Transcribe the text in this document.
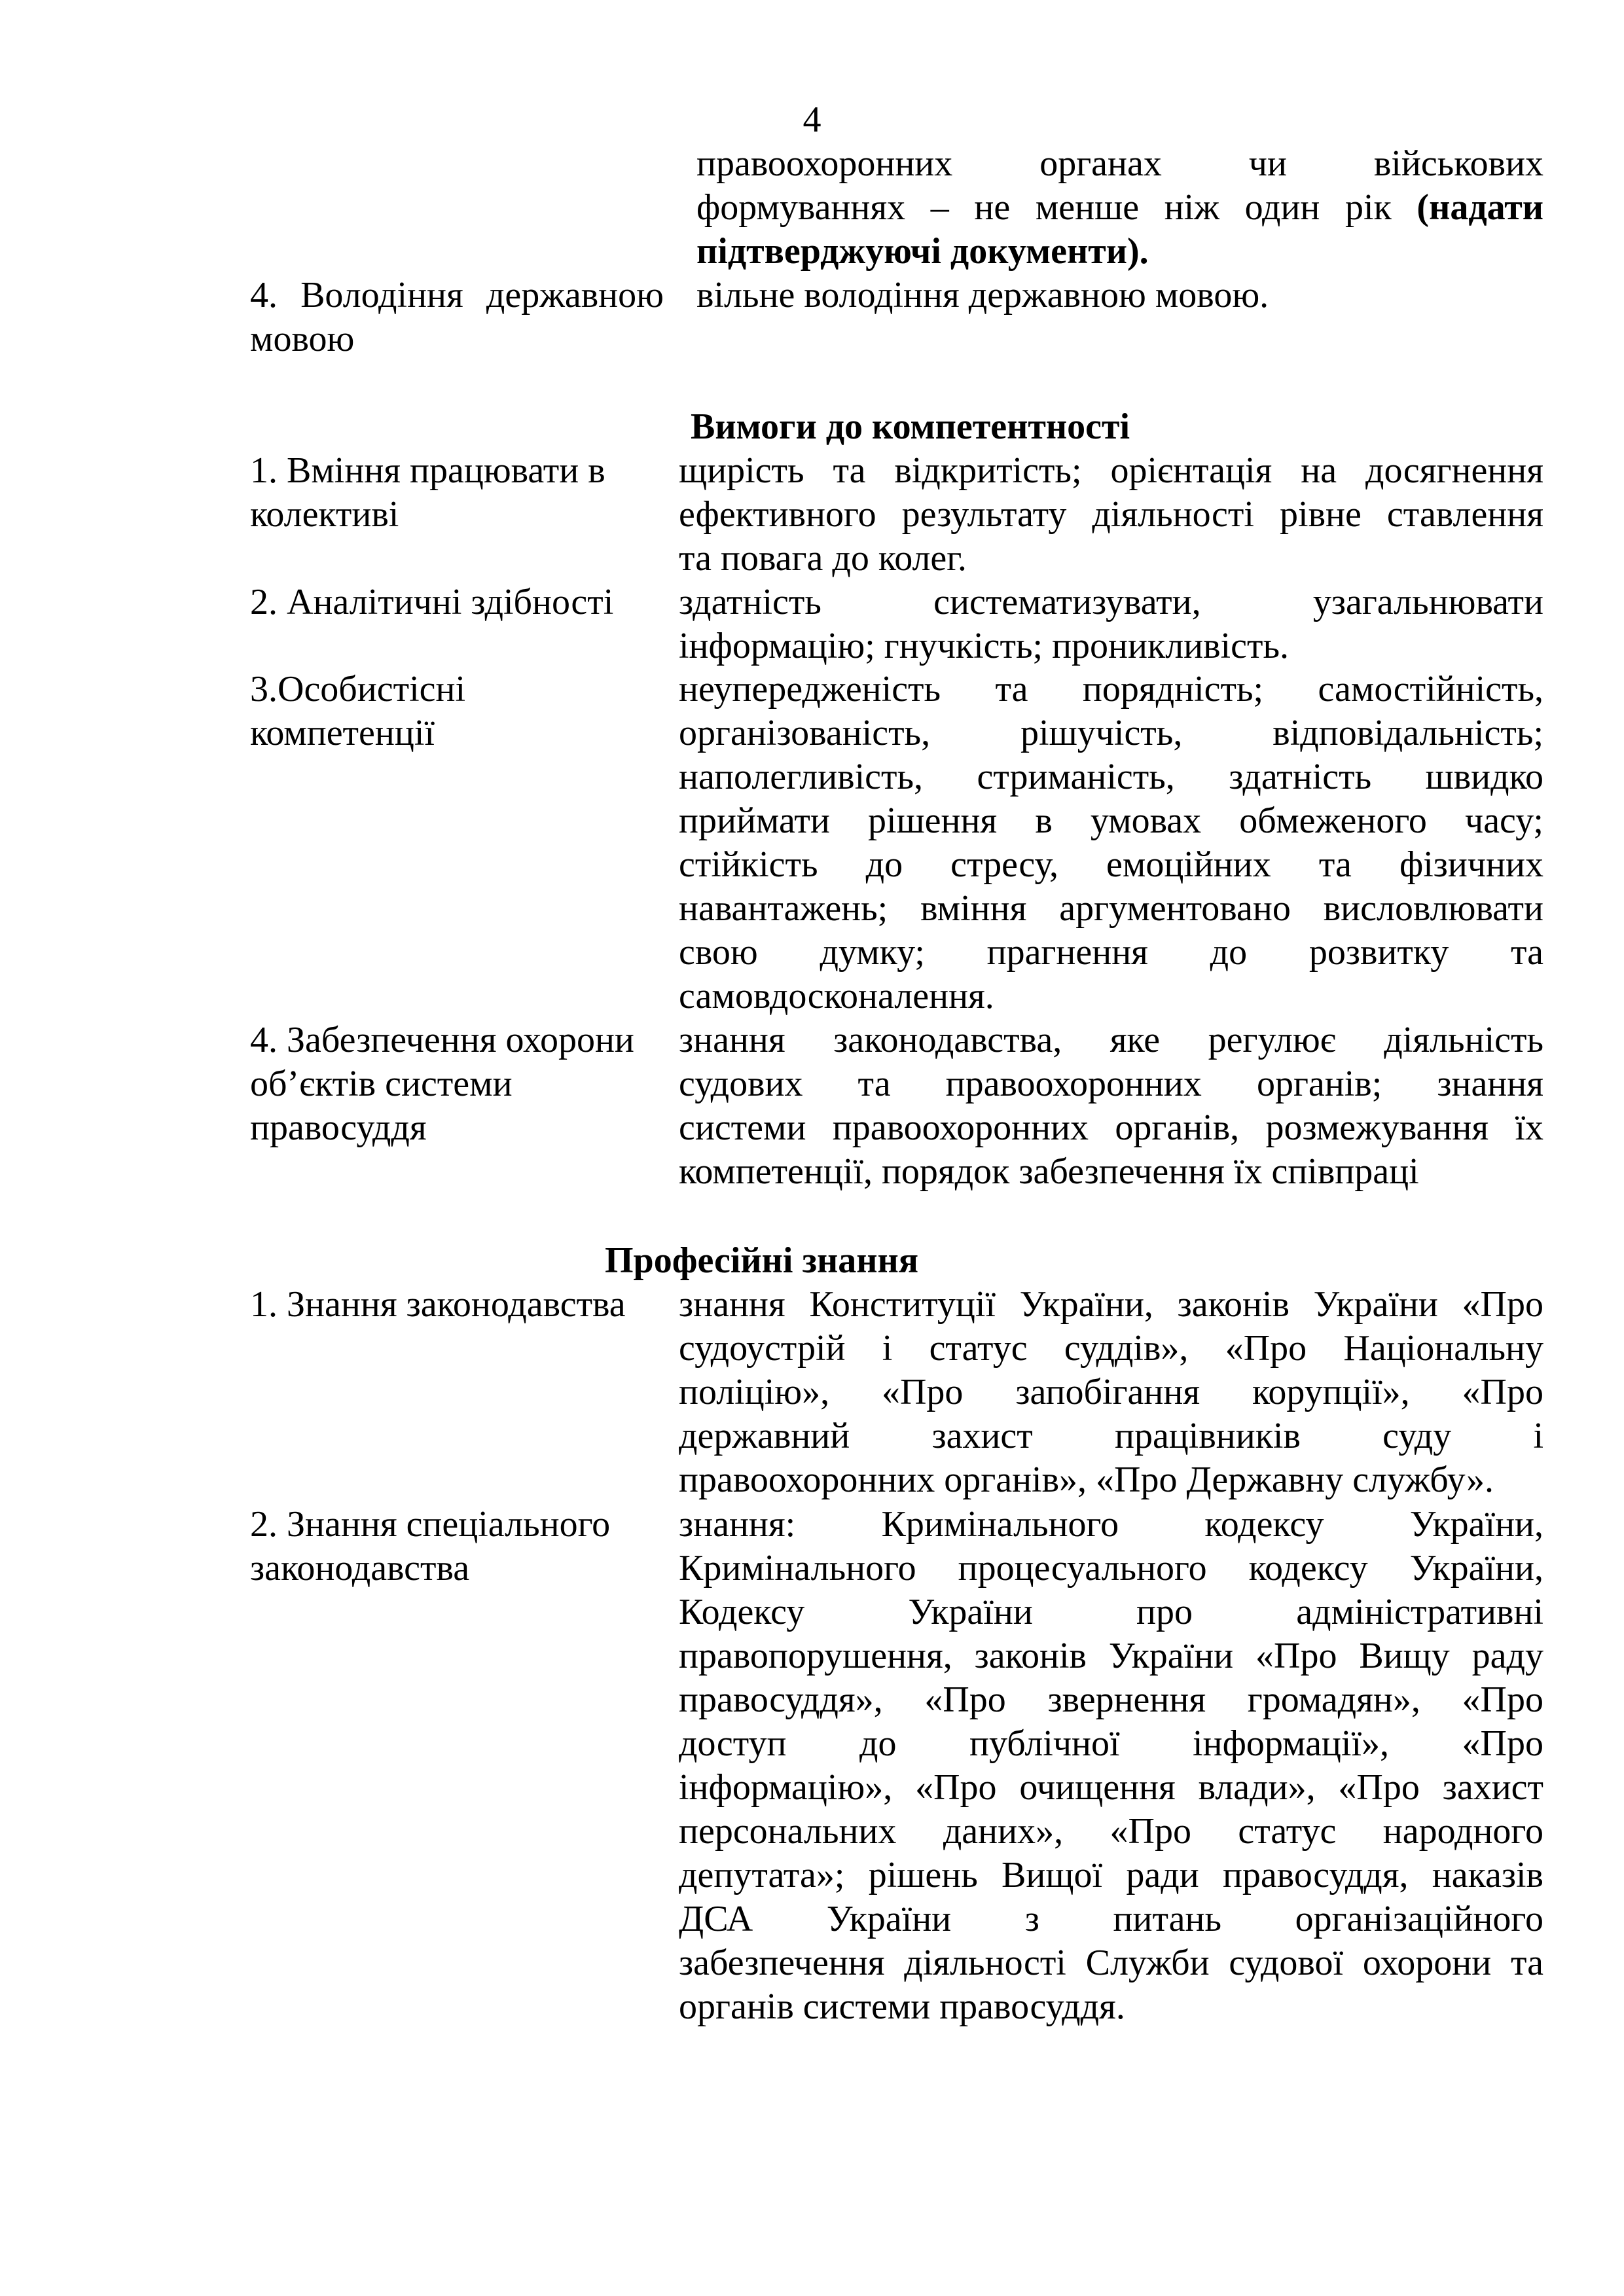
4
правоохоронних органах чи військових
формуваннях – не менше ніж один рік (надати
підтверджуючі документи).
4. Володіння державною
мовою
вільне володіння державною мовою.
Вимоги до компетентності
1. Вміння працювати в
колективі
щирість та відкритість; орієнтація на досягнення
ефективного результату діяльності рівне ставлення
та повага до колег.
2. Аналітичні здібності	здатність систематизувати, узагальнювати
інформацію; гнучкість; проникливість.
3.Особистісні
компетенції
неупередженість та порядність; самостійність,
організованість, рішучість, відповідальність;
наполегливість, стриманість, здатність швидко
приймати рішення в умовах обмеженого часу;
стійкість до стресу, емоційних та фізичних
навантажень; вміння аргументовано висловлювати
свою думку; прагнення до розвитку та
самовдосконалення.
4. Забезпечення охорони
об’єктів системи
правосуддя
знання законодавства, яке регулює діяльність
судових та правоохоронних органів; знання
системи правоохоронних органів, розмежування їх
компетенції, порядок забезпечення їх співпраці
Професійні знання
1. Знання законодавства	знання Конституції України, законів України «Про
судоустрій і статус суддів», «Про Національну
поліцію», «Про запобігання корупції», «Про
державний захист працівників суду і
правоохоронних органів», «Про Державну службу».
2. Знання спеціального
законодавства
знання: Кримінального кодексу України,
Кримінального процесуального кодексу України,
Кодексу України про адміністративні
правопорушення, законів України «Про Вищу раду
правосуддя», «Про звернення громадян», «Про
доступ до публічної інформації», «Про
інформацію», «Про очищення влади», «Про захист
персональних даних», «Про статус народного
депутата»; рішень Вищої ради правосуддя, наказів
ДСА України з питань організаційного
забезпечення діяльності Служби судової охорони та
органів системи правосуддя.
